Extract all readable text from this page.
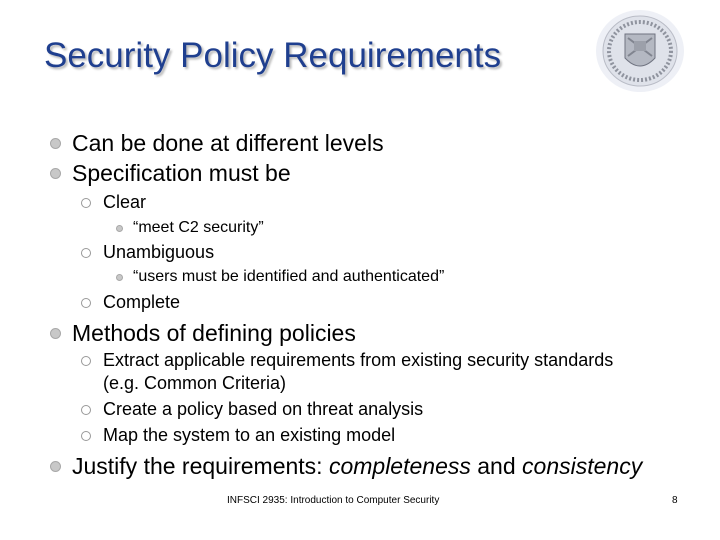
Security Policy Requirements
Can be done at different levels
Specification must be
Clear
“meet C2 security”
Unambiguous
“users must be identified and authenticated”
Complete
Methods of defining policies
Extract applicable requirements from existing security standards
(e.g. Common Criteria)
Create a policy based on threat analysis
Map the system to an existing model
Justify the requirements: completeness and consistency
INFSCI 2935: Introduction to Computer Security	8
